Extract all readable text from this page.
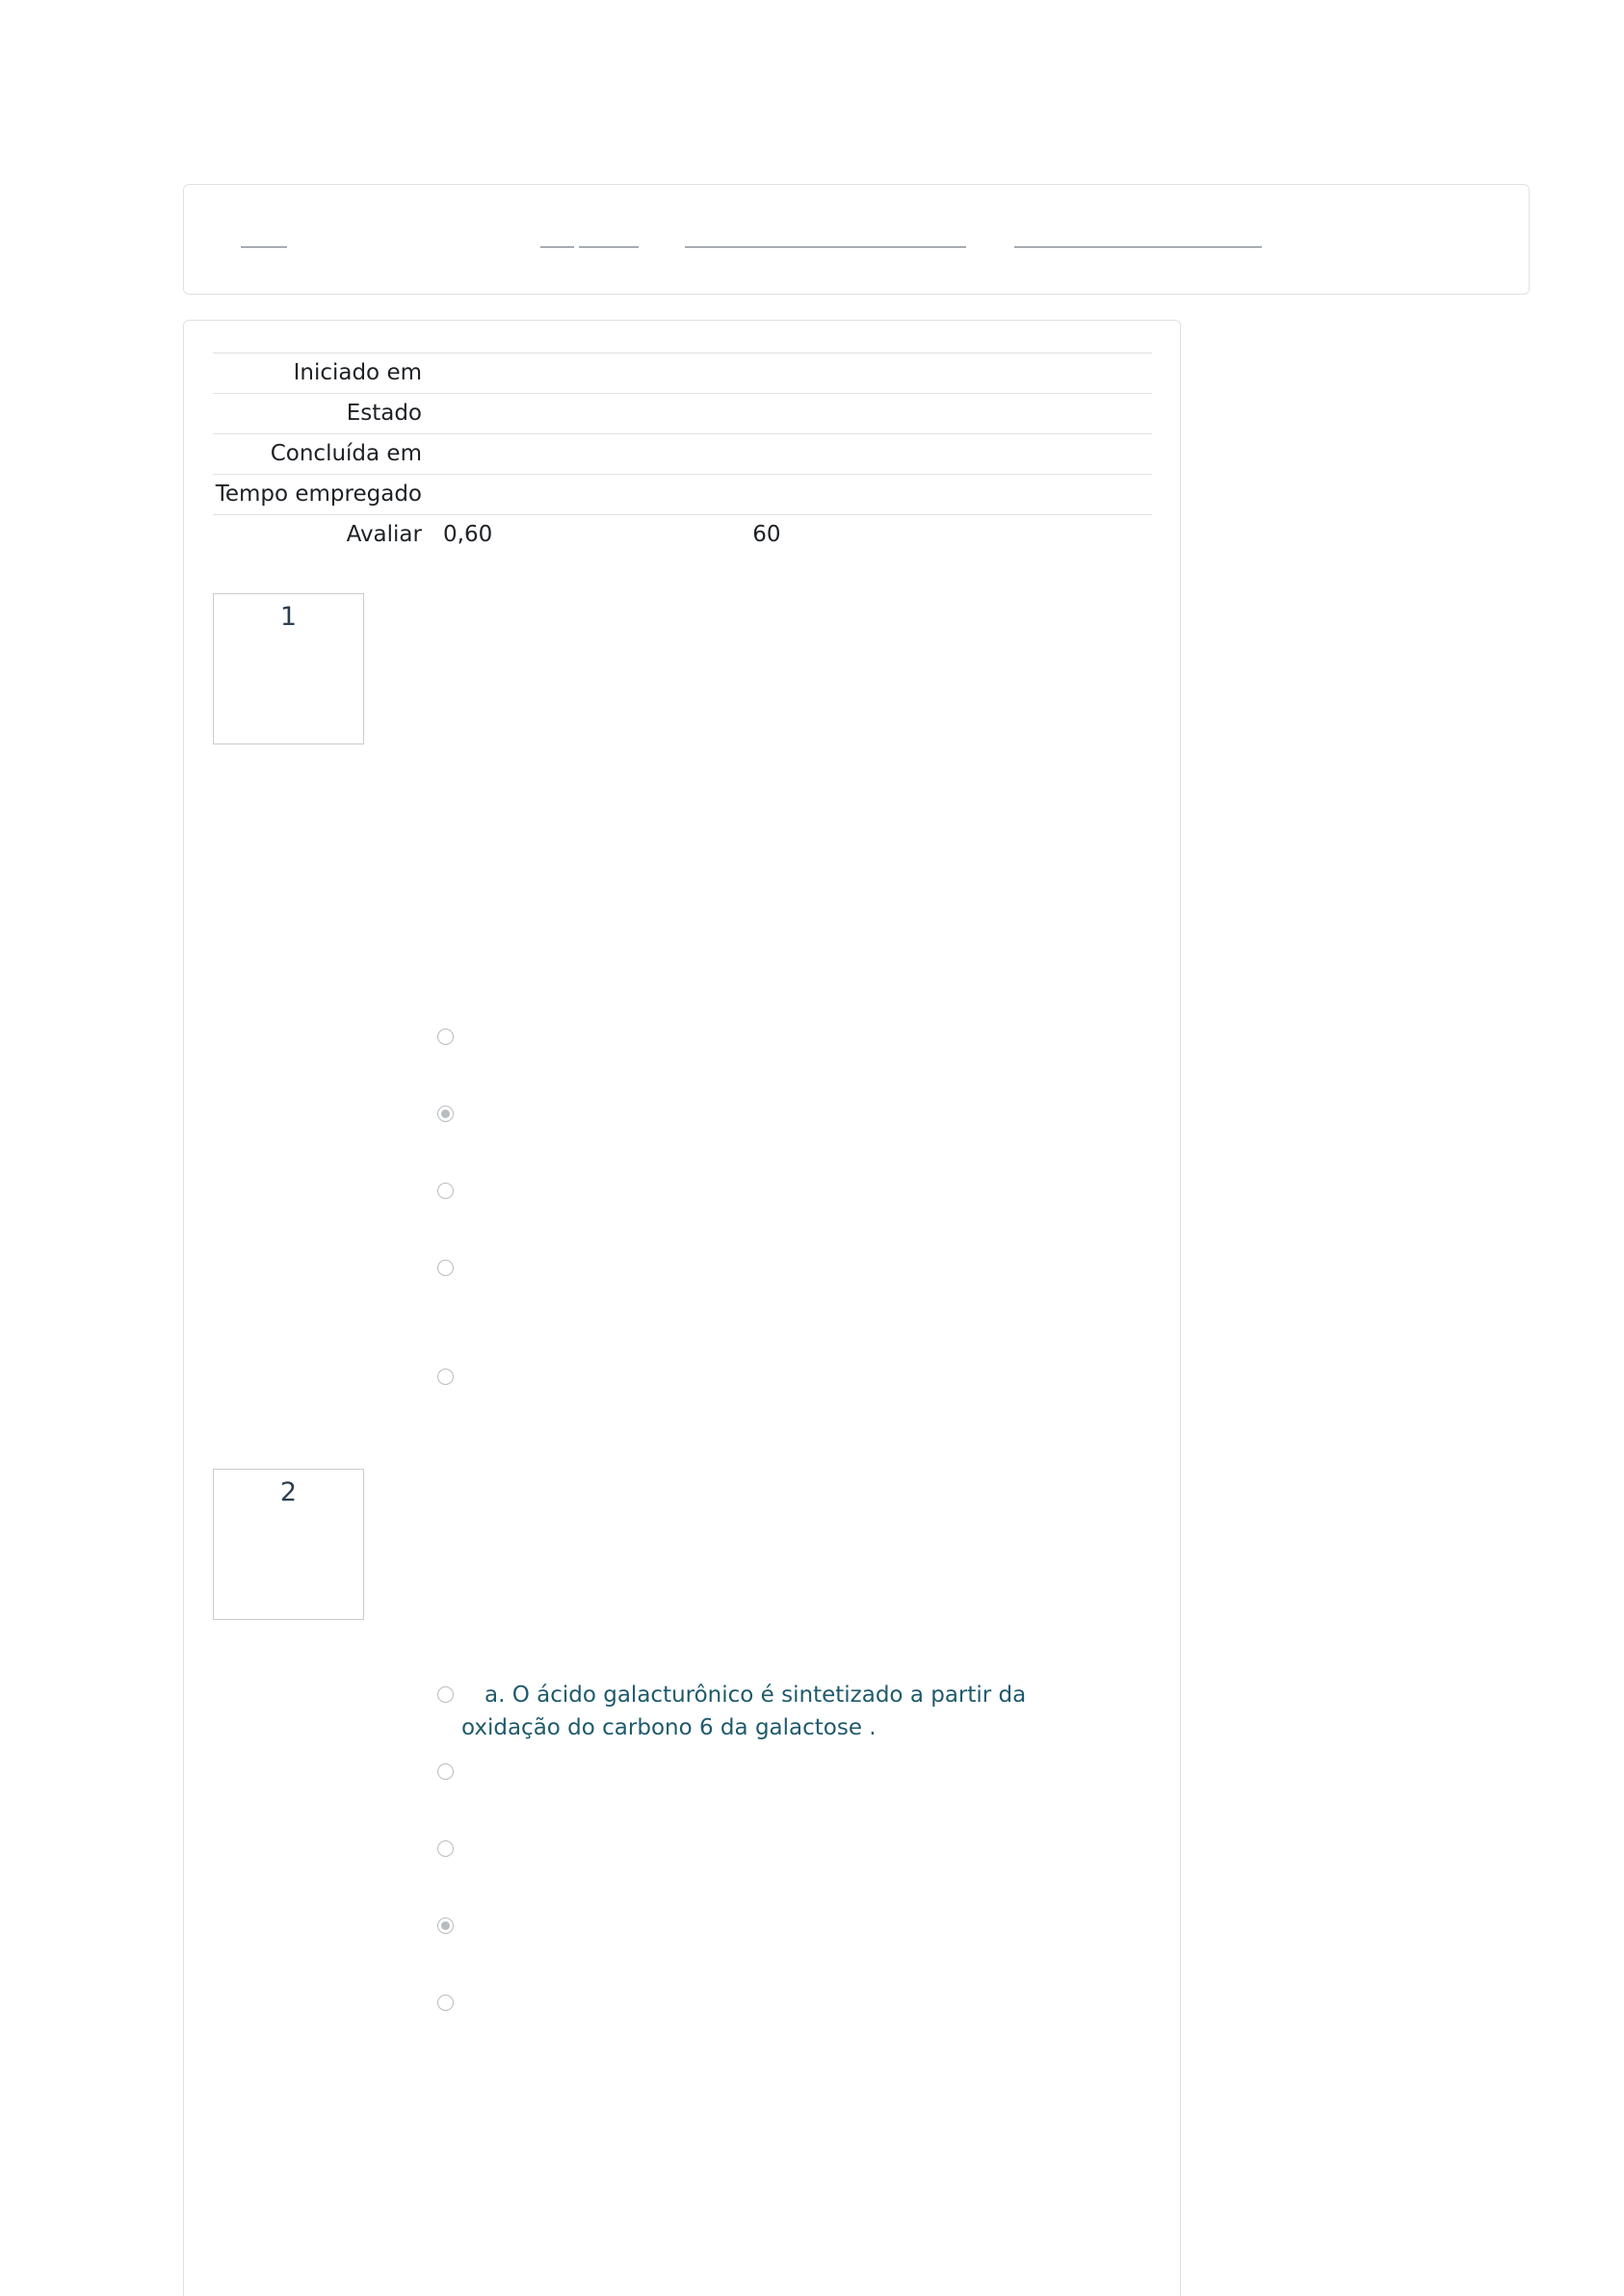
Iniciado em	
Estado	
Concluída em	
Tempo empregado	
Avaliar	0,60 60
1
2
a. O ácido galacturônico é sintetizado a partir da oxidação do carbono 6 da galactose .
